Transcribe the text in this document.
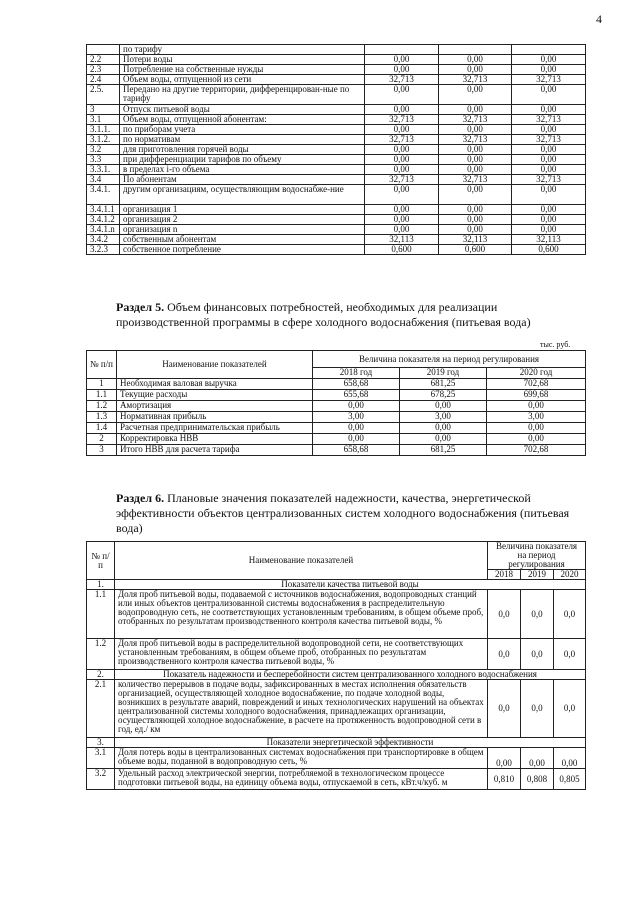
4
	по тарифу			
2.2	Потери воды	0,00	0,00	0,00
2.3	Потребление на собственные нужды	0,00	0,00	0,00
2.4	Объем воды, отпущенной из сети	32,713	32,713	32,713
2.5.	Передано на другие территории, дифференцирован-ные по тарифу	0,00	0,00	0,00
3	Отпуск питьевой воды	0,00	0,00	0,00
3.1	Объем воды, отпущенной абонентам:	32,713	32,713	32,713
3.1.1.	по приборам учета	0,00	0,00	0,00
3.1.2.	по нормативам	32,713	32,713	32,713
3.2	для приготовления горячей воды	0,00	0,00	0,00
3.3	при дифференциации тарифов по объему	0,00	0,00	0,00
3.3.1.	в пределах i-го объема	0,00	0,00	0,00
3.4	По абонентам	32,713	32,713	32,713
3.4.1.	другим организациям, осуществляющим водоснабже-ние	0,00	0,00	0,00
3.4.1.1	организация 1	0,00	0,00	0,00
3.4.1.2	организация 2	0,00	0,00	0,00
3.4.1.n	организация n	0,00	0,00	0,00
3.4.2	собственным абонентам	32,113	32,113	32,113
3.2.3	собственное потребление	0,600	0,600	0,600
Раздел 5. Объем финансовых потребностей, необходимых для реализации производственной программы в сфере холодного водоснабжения (питьевая вода)
тыс. руб.
№ п/п	Наименование показателей	Величина показателя на период регулирования		
		2018 год	2019 год	2020 год
1	Необходимая валовая выручка	658,68	681,25	702,68
1.1	Текущие расходы	655,68	678,25	699,68
1.2	Амортизация	0,00	0,00	0,00
1.3	Нормативная прибыль	3,00	3,00	3,00
1.4	Расчетная предпринимательская прибыль	0,00	0,00	0,00
2	Корректировка НВВ	0,00	0,00	0,00
3	Итого НВВ для расчета тарифа	658,68	681,25	702,68
Раздел 6. Плановые значения показателей надежности, качества, энергетической эффективности объектов централизованных систем холодного водоснабжения (питьевая вода)
№ п/п	Наименование показателей	Величина показателя на период регулирования		
		2018	2019	2020
1.	Показатели качества питьевой воды			
1.1	Доля проб питьевой воды, подаваемой с источников водоснабжения, водопроводных станций или иных объектов централизованной системы водоснабжения в распределительную водопроводную сеть, не соответствующих установленным требованиям, в общем объеме проб, отобранных по результатам производственного контроля качества питьевой воды, %	0,0	0,0	0,0
1.2	Доля проб питьевой воды в распределительной водопроводной сети, не соответствующих установленным требованиям, в общем объеме проб, отобранных по результатам производственного контроля качества питьевой воды, %	0,0	0,0	0,0
2.	Показатель надежности и бесперебойности систем централизованного холодного водоснабжения			
2.1	количество перерывов в подаче воды, зафиксированных в местах исполнения обязательств организацией, осуществляющей холодное водоснабжение, по подаче холодной воды, возникших в результате аварий, повреждений и иных технологических нарушений на объектах централизованной системы холодного водоснабжения, принадлежащих организации, осуществляющей холодное водоснабжение, в расчете на протяженность водопроводной сети в год, ед./ км	0,0	0,0	0,0
3.	Показатели энергетической эффективности			
3.1	Доля потерь воды в централизованных системах водоснабжения при транспортировке в общем объеме воды, поданной в водопроводную сеть, %	0,00	0,00	0,00
3.2	Удельный расход электрической энергии, потребляемой в технологическом процессе подготовки питьевой воды, на единицу объема воды, отпускаемой в сеть, кВт.ч/куб. м	0,810	0,808	0,805
